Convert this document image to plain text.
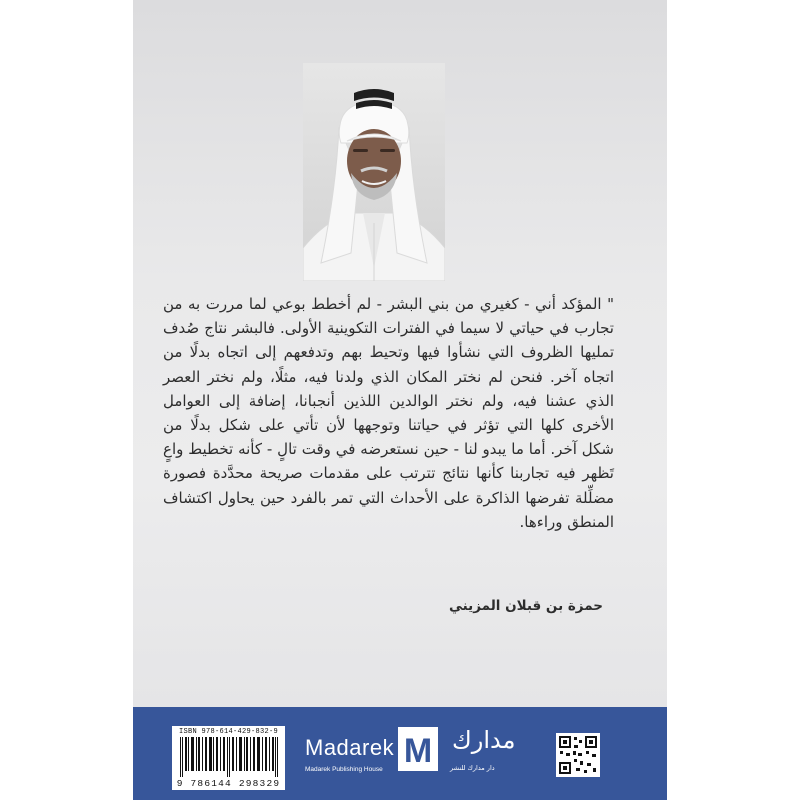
" المؤكد أني - كغيري من بني البشر - لم أخطط بوعي لما مررت به من تجارب في حياتي لا سيما في الفترات التكوينية الأولى. فالبشر نتاج صُدف تمليها الظروف التي نشأوا فيها وتحيط بهم وتدفعهم إلى اتجاه بدلًا من اتجاه آخر. فنحن لم نختر المكان الذي ولدنا فيه، مثلًا، ولم نختر العصر الذي عشنا فيه، ولم نختر الوالدين اللذين أنجبانا، إضافة إلى العوامل الأخرى كلها التي تؤثر في حياتنا وتوجهها لأن تأتي على شكل بدلًا من شكل آخر. أما ما يبدو لنا - حين نستعرضه في وقت تالٍ - كأنه تخطيط واعٍ تَظهر فيه تجاربنا كأنها نتائج تترتب على مقدمات صريحة محدَّدة فصورة مضلِّلة تفرضها الذاكرة على الأحداث التي تمر بالفرد حين يحاول اكتشاف المنطق وراءها.

حمزة بن قبلان المزيني
ISBN 978-614-429-832-9
9 786144 298329
Madarek
Madarek Publishing House M مدارك
دار مدارك للنشر
